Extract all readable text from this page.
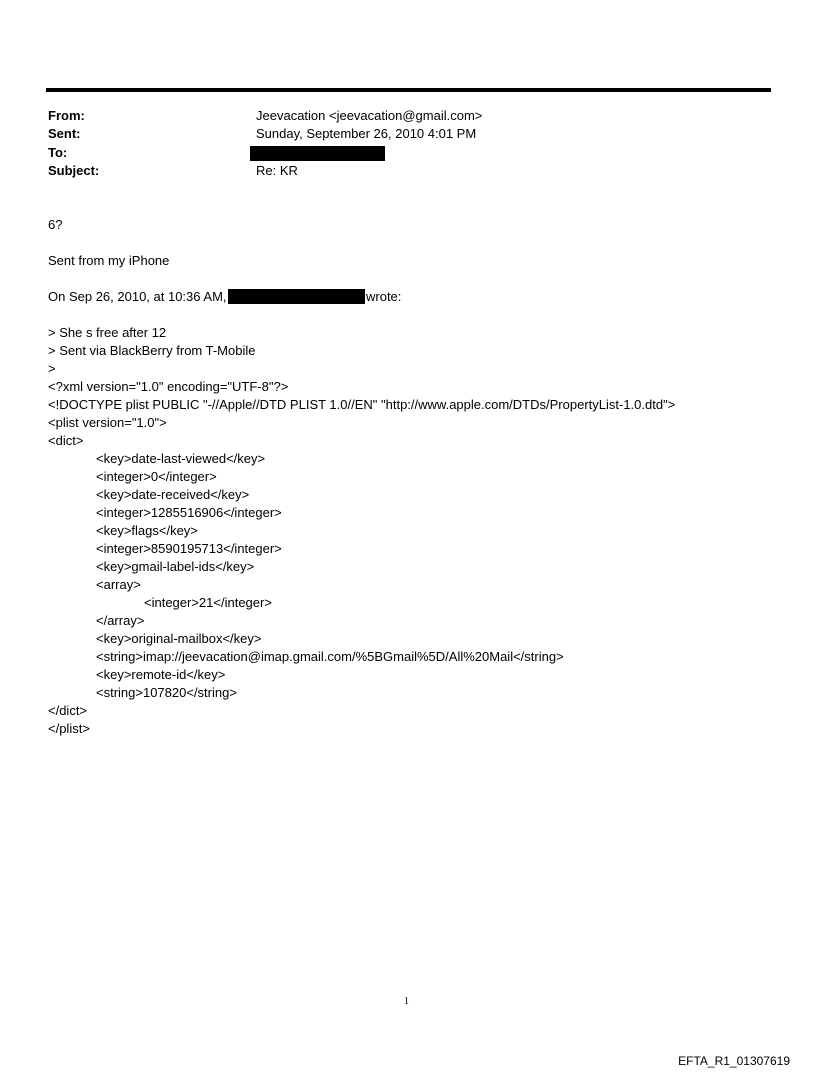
From:	Jeevacation <jeevacation@gmail.com>
Sent:	Sunday, September 26, 2010 4:01 PM
To:
Subject:	Re: KR
6?
Sent from my iPhone
On Sep 26, 2010, at 10:36 AM,	wrote:
> She s free after 12
> Sent via BlackBerry from T-Mobile
>
<?xml version="1.0" encoding="UTF-8"?>
<!DOCTYPE plist PUBLIC "-//Apple//DTD PLIST 1.0//EN" "http://www.apple.com/DTDs/PropertyList-1.0.dtd">
<plist version="1.0">
<dict>
<key>date-last-viewed</key>
<integer>0</integer>
<key>date-received</key>
<integer>1285516906</integer>
<key>flags</key>
<integer>8590195713</integer>
<key>gmail-label-ids</key>
<array>
<integer>21</integer>
</array>
<key>original-mailbox</key>
<string>imap://jeevacation@imap.gmail.com/%5BGmail%5D/All%20Mail</string>
<key>remote-id</key>
<string>107820</string>
</dict>
</plist>
1
EFTA_R1_01307619
